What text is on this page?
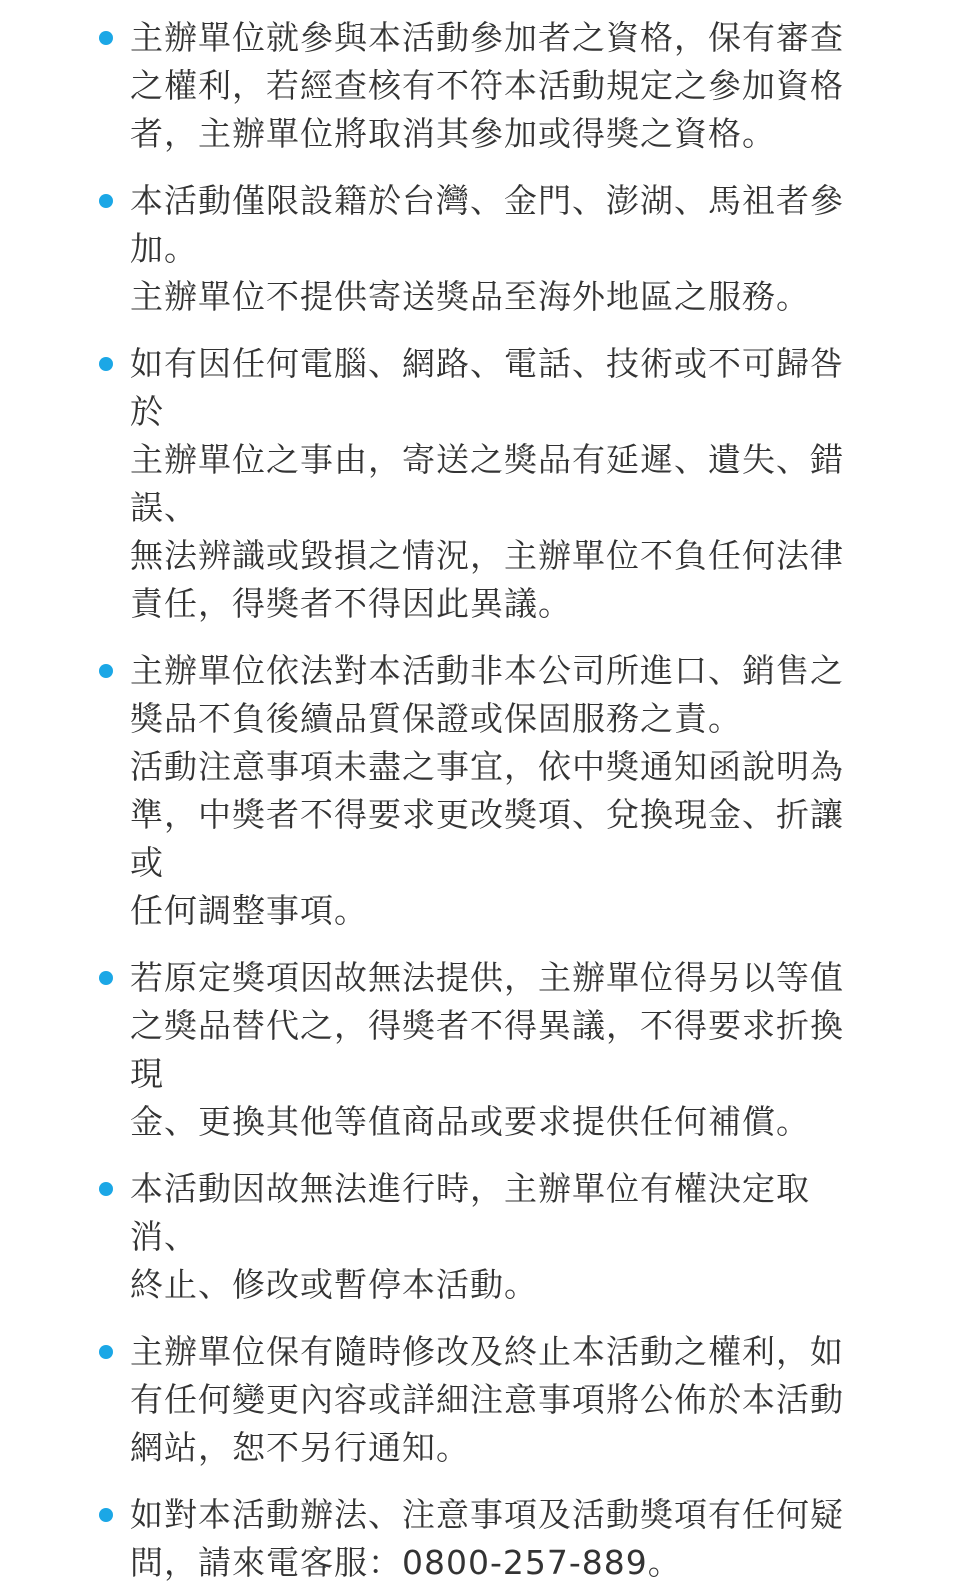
主辦單位就參與本活動參加者之資格，保有審查
之權利，若經查核有不符本活動規定之參加資格
者，主辦單位將取消其參加或得獎之資格。
本活動僅限設籍於台灣、金門、澎湖、馬祖者參加。
主辦單位不提供寄送獎品至海外地區之服務。
如有因任何電腦、網路、電話、技術或不可歸咎於
主辦單位之事由，寄送之獎品有延遲、遺失、錯誤、
無法辨識或毀損之情況，主辦單位不負任何法律
責任，得獎者不得因此異議。
主辦單位依法對本活動非本公司所進口、銷售之
獎品不負後續品質保證或保固服務之責。
活動注意事項未盡之事宜，依中獎通知函說明為
準，中獎者不得要求更改獎項、兌換現金、折讓或
任何調整事項。
若原定獎項因故無法提供，主辦單位得另以等值
之獎品替代之，得獎者不得異議，不得要求折換現
金、更換其他等值商品或要求提供任何補償。
本活動因故無法進行時，主辦單位有權決定取消、
終止、修改或暫停本活動。
主辦單位保有隨時修改及終止本活動之權利，如
有任何變更內容或詳細注意事項將公佈於本活動
網站，恕不另行通知。
如對本活動辦法、注意事項及活動獎項有任何疑
問，請來電客服：0800-257-889。
